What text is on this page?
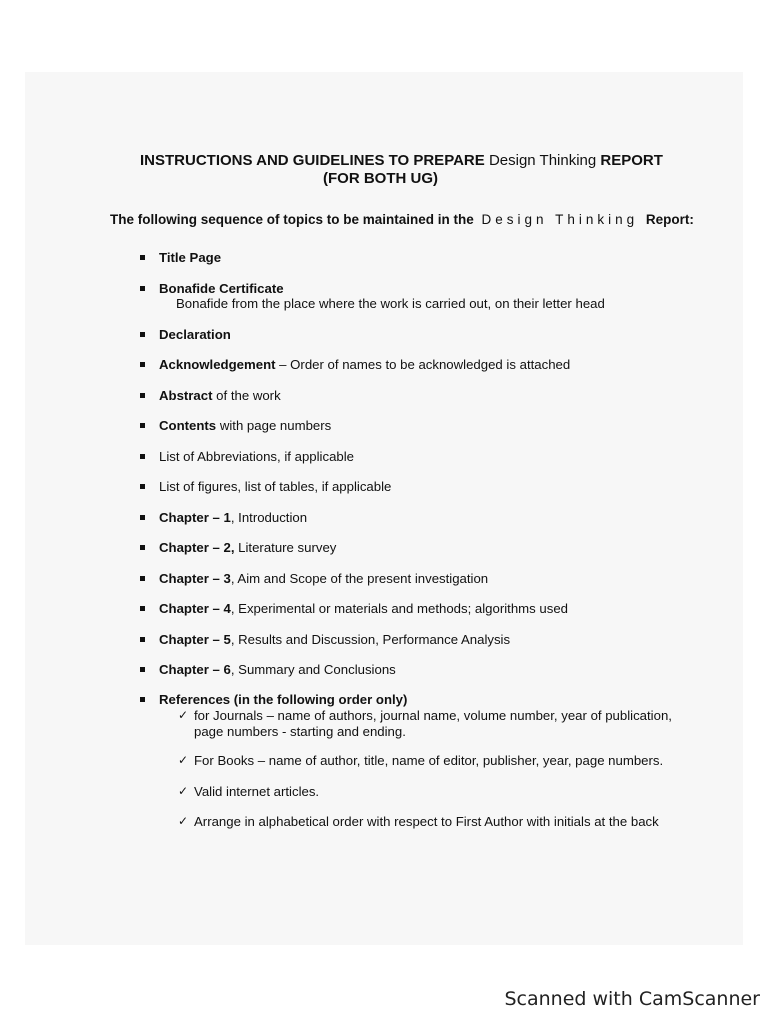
INSTRUCTIONS AND GUIDELINES TO PREPARE Design Thinking REPORT
(FOR BOTH UG)
The following sequence of topics to be maintained in the Design Thinking Report:
Title Page
Bonafide Certificate
Bonafide from the place where the work is carried out, on their letter head
Declaration
Acknowledgement – Order of names to be acknowledged is attached
Abstract of the work
Contents with page numbers
List of Abbreviations, if applicable
List of figures, list of tables, if applicable
Chapter – 1, Introduction
Chapter – 2, Literature survey
Chapter – 3, Aim and Scope of the present investigation
Chapter – 4, Experimental or materials and methods; algorithms used
Chapter – 5, Results and Discussion, Performance Analysis
Chapter – 6, Summary and Conclusions
References (in the following order only)
✓ for Journals – name of authors, journal name, volume number, year of publication,
page numbers - starting and ending.
✓ For Books – name of author, title, name of editor, publisher, year, page numbers.
✓ Valid internet articles.
✓ Arrange in alphabetical order with respect to First Author with initials at the back
Scanned with CamScanner
